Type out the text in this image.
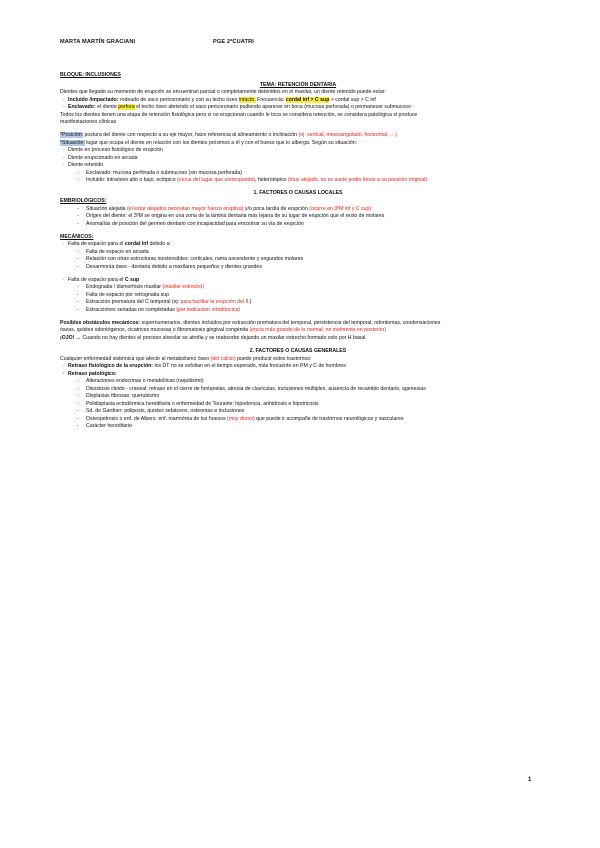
MARTA MARTÍN GRACIANI	PGE 2ºCUATRI

BLOQUE: INCLUSIONES

TEMA: RETENCIÓN DENTARIA

Dientes que llegado su momento de erupción se encuentran parcial o completamente detenidos en el maxilar, un diente retenido puede estar:

· Incluido /impactado: rodeado de saco pericoronario y con su lecho óseo intacto. Frecuencia: cordal inf > C sup > cordal sup > C inf

· Enclavado: el diente perfora el techo óseo abriendo el saco pericoronario pudiendo aparecer en boca (mucosa perforada) o permanecer submucoso

Todos los dientes tienen una etapa de retención fisiológica pero si no erupcionan cuando le toca se considera retención, se considera patológica si produce

manifestaciones clínicas

*Posición: postura del diente con respecto a su eje mayor, hace referencia al alineamiento o inclinación (ej: vertical, mesioangulado, horizontal, …)

*Situación: lugar que ocupa el diente en relación con los dientes próximos a él y con el hueso que lo alberga. Según su situación:

· Diente en proceso fisiológico de erupción

· Diente erupcionado en arcada

· Diente retenido

- Enclavado: mucosa perforada o submucoso (sin mucosa perforada)

- Incluido: intraóseo alto o bajo, ectópico (cerca del lugar que corresponda), heterotópico (muy alejado, no se suele poder llevar a su posición original)

1. FACTORES O CAUSAS LOCALES

EMBRIOLÓGICOS:

- Situación alejada (el estar alejados necesitan mayor fuerza eruptiva) y/o poca tardía de erupción (ocurre en 3ºM inf y C sup)

- Origen del diente: el 3ºM se origina en una zona de la lámina dentaria más lejana de su lugar de erupción que el resto de molares

- Anomalías de posición del germen dentario con incapacidad para encontrar su vía de erupción

MECÁNICOS:

· Falta de espacio para el cordal inf debido a:

- Falta de espacio en arcada

- Relación con otras estructuras inextensibles: corticales, rama ascendente y segundos molares

- Desarmonía óseo - dentaria debido a maxilares pequeños y dientes grandes

· Falta de espacio para el C sup

- Endognatia / dismorfosis maxilar (maxilar estrecho)

- Falta de espacio por retrognatia sup

- Extracción prematura del C temporal (ej: para facilitar la erupción del IL)

- Extracciones seriadas no completadas (por indicación ortodóncica)

Posibles obstáculos mecánicos: supernumerarios, dientes incluidos por extracción prematura del temporal, persistencia del temporal, odontomas, condensaciones

óseas, quistes odontógenos, cicatrices mucosas o fibromatosis gingival congénita (encía más grande de lo normal, no melmente en posterior)

¡OJO! → Cuando no hay dientes el proceso alveolar se atrofia y se reabsorbe dejando un maxilar estrecho formado solo por H basal

2. FACTORES O CAUSAS GENERALES

Cualquier enfermedad sistémica que afecte al metabolismo óseo (del calcio) puede producir estos trastornos:

· Retraso fisiológico de la erupción: los DT no se exfolian en el tiempo esperado, más frecuente en PM y C de hombres

· Retraso patológico:

- Alteraciones endocrinas o metabólicas (raquitismo)

- Disostosis cleido - craneal: retraso en el cierre de fontanelas, atresia de clavículas, inclusiones múltiples, ausencia de recambio dentario, agenesias

- Displasias fibrosas: querubismo

- Polidisplasia ectodérmica hereditaria o enfermedad de Touraine: hipodoncia, anhidrosis e hipotricosis

- Sd. de Gardner: poliposis, quistes sebáceos, osteomas e inclusiones

- Osteopetrosis o enf. de Albers: enf. marmórea de los huesos (muy duros) que puede ir acompañe de trastornos neurológicos y vasculares

- Carácter hereditario

1
